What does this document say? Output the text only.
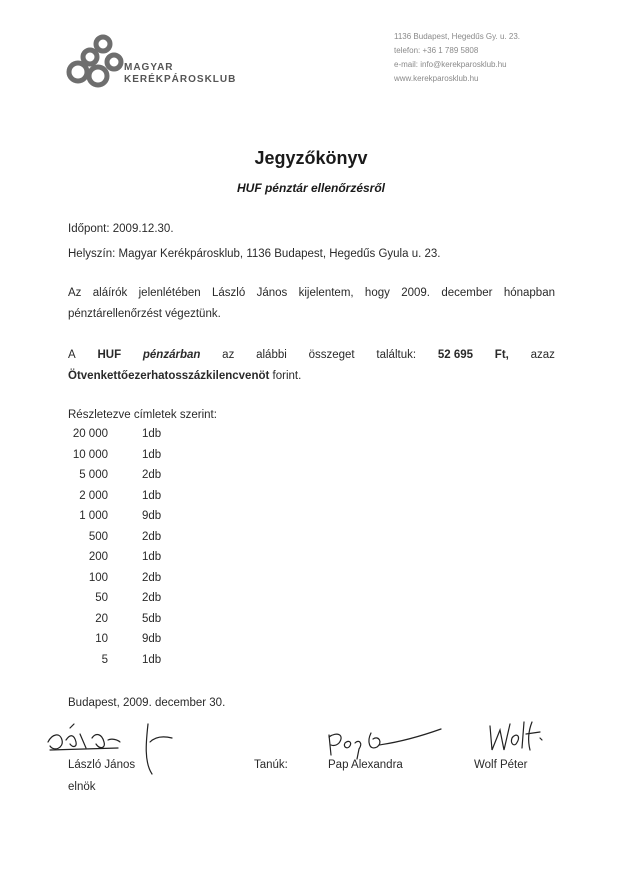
MAGYAR
KERÉKPÁROSKLUB
1136 Budapest, Hegedűs Gy. u. 23.
telefon: +36 1 789 5808
e-mail: info@kerekparosklub.hu
www.kerekparosklub.hu
Jegyzőkönyv
HUF pénztár ellenőrzésről
Időpont: 2009.12.30.
Helyszín: Magyar Kerékpárosklub, 1136 Budapest, Hegedűs Gyula u. 23.
Az aláírók jelenlétében László János kijelentem, hogy 2009. december hónapban
pénztárellenőrzést végeztünk.
A HUF pénzárban az alábbi összeget találtuk: 52 695 Ft, azaz
Ötvenkettőezerhatosszázkilencvenöt forint.
Részletezve címletek szerint:
20 000	1db
10 000	1db
5 000	2db
2 000	1db
1 000	9db
500	2db
200	1db
100	2db
50	2db
20	5db
10	9db
5	1db
Budapest, 2009. december 30.
László János
elnök
Tanúk:	Pap Alexandra	Wolf Péter
